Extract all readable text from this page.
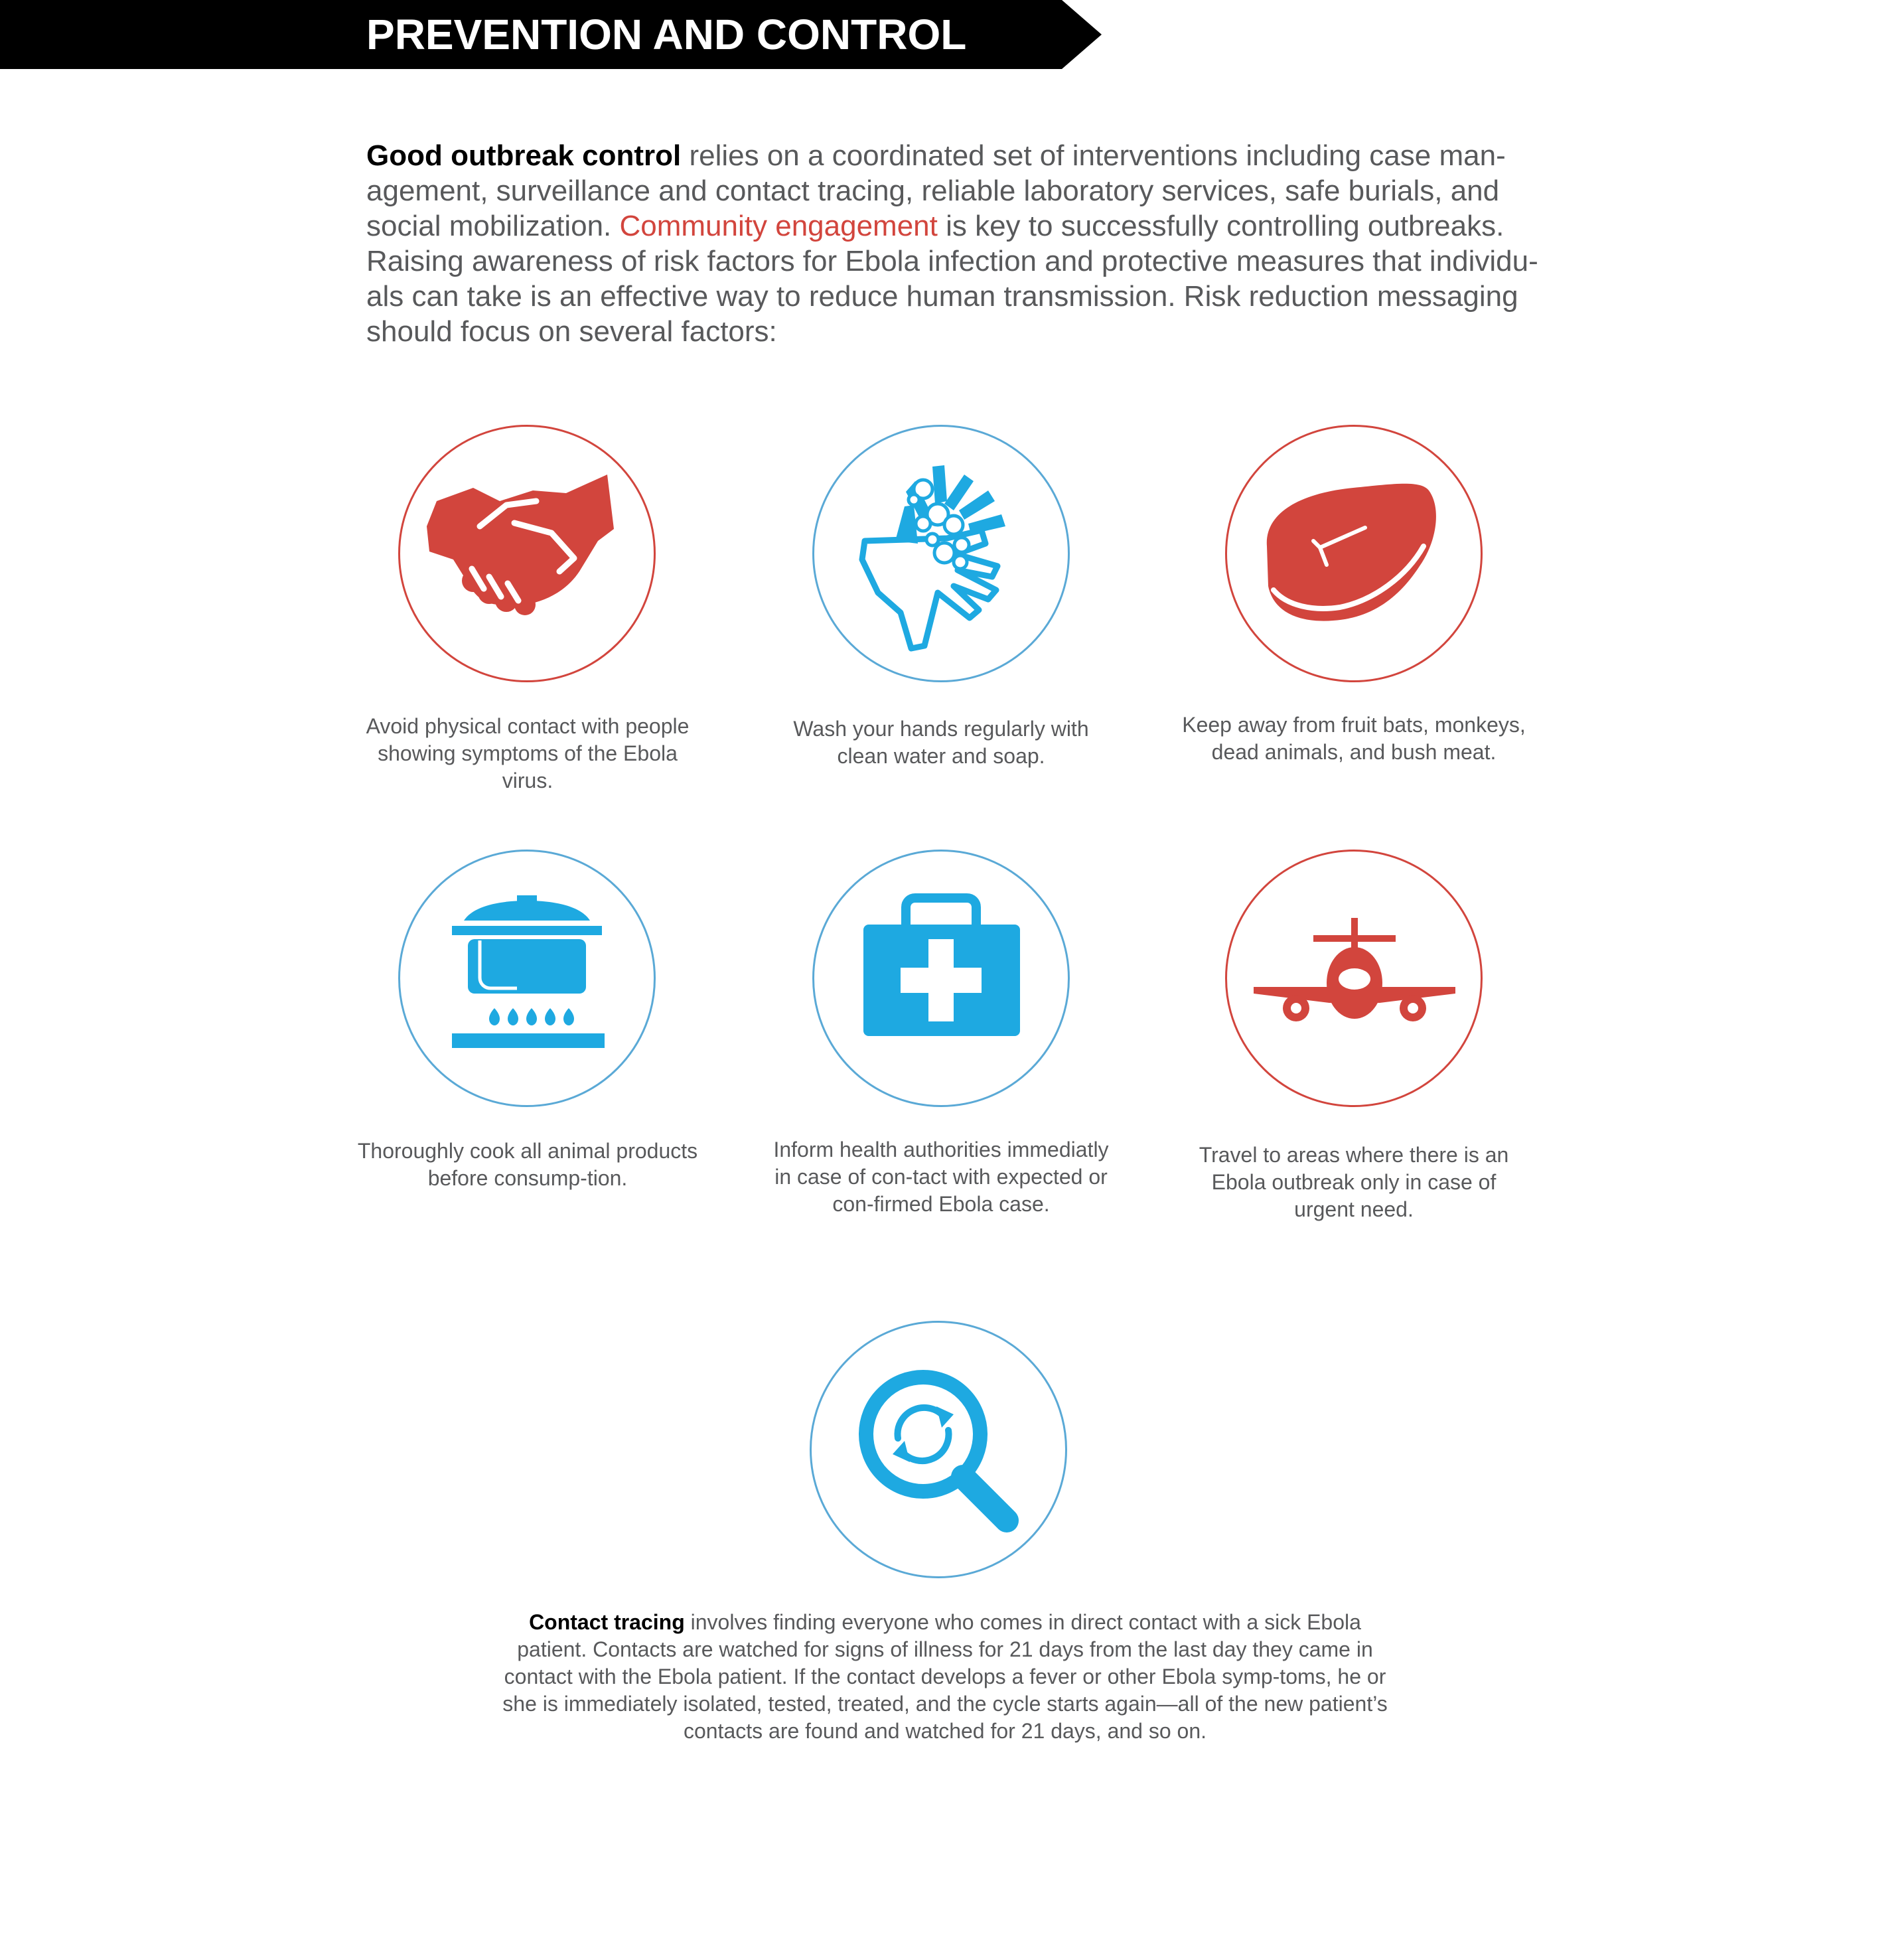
PREVENTION AND CONTROL
Good outbreak control relies on a coordinated set of interventions including case man-agement, surveillance and contact tracing, reliable laboratory services, safe burials, and social mobilization. Community engagement is key to successfully controlling outbreaks. Raising awareness of risk factors for Ebola infection and protective measures that individu-als can take is an effective way to reduce human transmission. Risk reduction messaging should focus on several factors:
Avoid physical contact with people showing symptoms of the Ebola virus.
Wash your hands regularly with clean water and soap.
Keep away from fruit bats, monkeys, dead animals, and bush meat.
Thoroughly cook all animal products before consump-tion.
Inform health authorities immediatly in case of con-tact with expected or con-firmed Ebola case.
Travel to areas where there is an Ebola outbreak only in case of urgent need.
Contact tracing involves finding everyone who comes in direct contact with a sick Ebola patient. Contacts are watched for signs of illness for 21 days from the last day they came in contact with the Ebola patient. If the contact develops a fever or other Ebola symp-toms, he or she is immediately isolated, tested, treated, and the cycle starts again—all of the new patient’s contacts are found and watched for 21 days, and so on.
